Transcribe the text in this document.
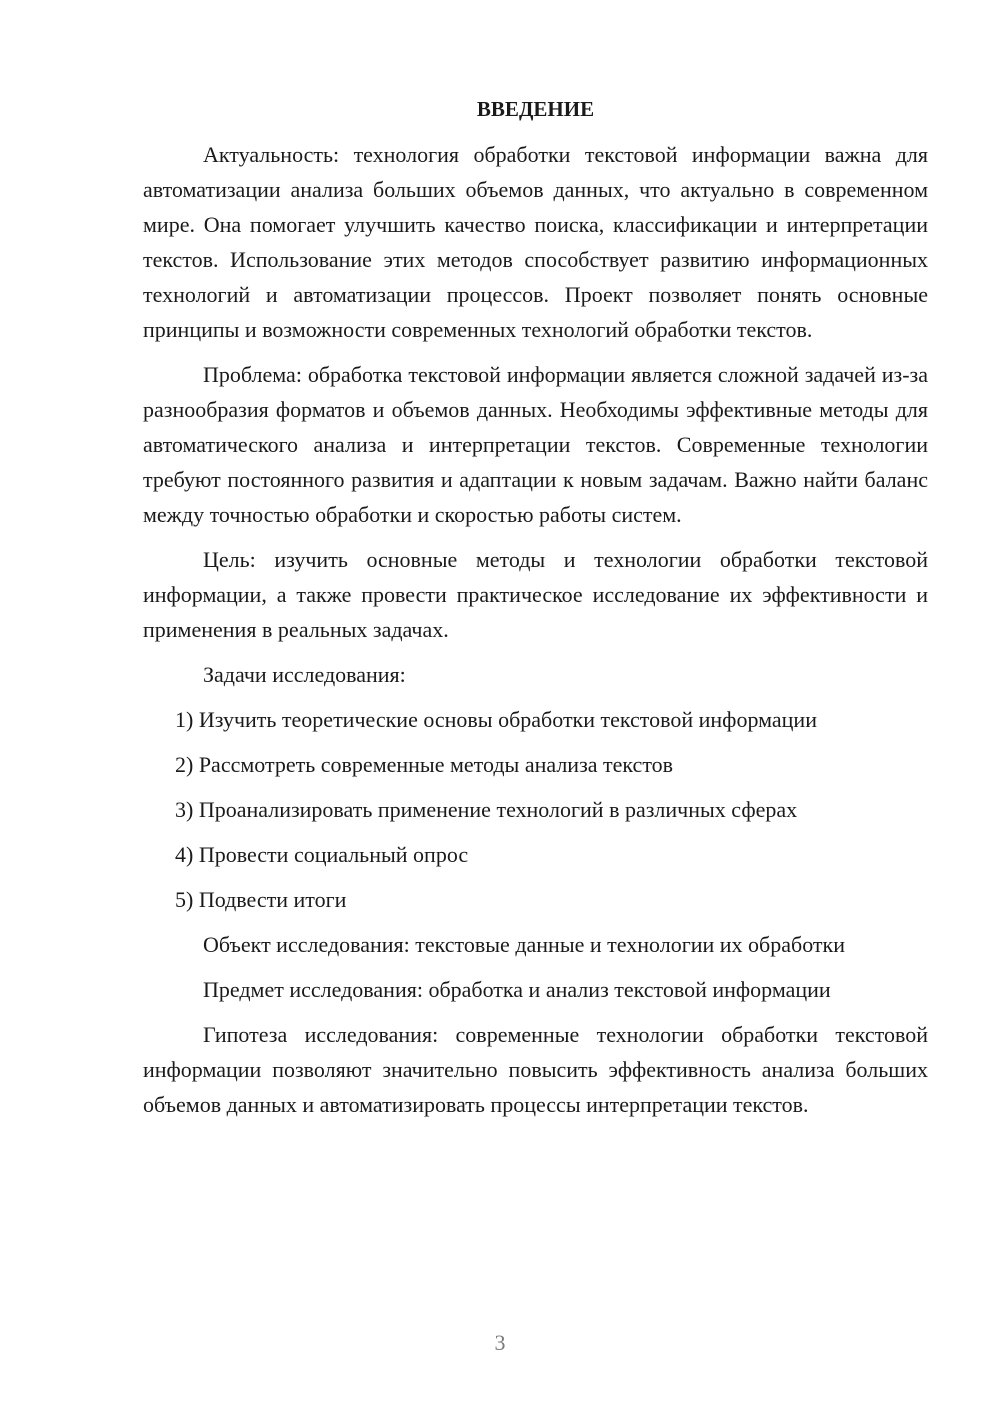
ВВЕДЕНИЕ

Актуальность: технология обработки текстовой информации важна для автоматизации анализа больших объемов данных, что актуально в современном мире. Она помогает улучшить качество поиска, классификации и интерпретации текстов. Использование этих методов способствует развитию информационных технологий и автоматизации процессов. Проект позволяет понять основные принципы и возможности современных технологий обработки текстов.

Проблема: обработка текстовой информации является сложной задачей из-за разнообразия форматов и объемов данных. Необходимы эффективные методы для автоматического анализа и интерпретации текстов. Современные технологии требуют постоянного развития и адаптации к новым задачам. Важно найти баланс между точностью обработки и скоростью работы систем.

Цель: изучить основные методы и технологии обработки текстовой информации, а также провести практическое исследование их эффективности и применения в реальных задачах.

Задачи исследования:

1) Изучить теоретические основы обработки текстовой информации
2) Рассмотреть современные методы анализа текстов
3) Проанализировать применение технологий в различных сферах
4) Провести социальный опрос
5) Подвести итоги

Объект исследования: текстовые данные и технологии их обработки

Предмет исследования: обработка и анализ текстовой информации

Гипотеза исследования: современные технологии обработки текстовой информации позволяют значительно повысить эффективность анализа больших объемов данных и автоматизировать процессы интерпретации текстов.

3
